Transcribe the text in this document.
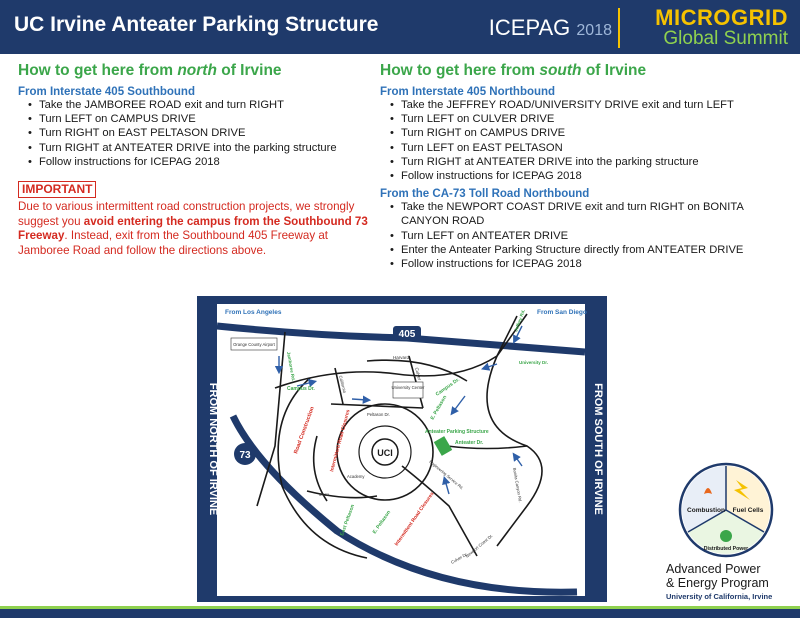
UC Irvine Anteater Parking Structure	ICEPAG 2018
MICROGRID
Global Summit
How to get here from north of Irvine
From Interstate 405 Southbound
• Take the JAMBOREE ROAD exit and turn RIGHT
• Turn LEFT on CAMPUS DRIVE
• Turn RIGHT on EAST PELTASON DRIVE
• Turn RIGHT at ANTEATER DRIVE into the parking structure
• Follow instructions for ICEPAG 2018
IMPORTANT
Due to various intermittent road construction projects, we strongly suggest you avoid entering the campus from the Southbound 73 Freeway. Instead, exit from the Southbound 405 Freeway at Jamboree Road and follow the directions above.
How to get here from south of Irvine
From Interstate 405 Northbound
• Take the JEFFREY ROAD/UNIVERSITY DRIVE exit and turn LEFT
• Turn LEFT on CULVER DRIVE
• Turn RIGHT on CAMPUS DRIVE
• Turn LEFT on EAST PELTASON
• Turn RIGHT at ANTEATER DRIVE into the parking structure
• Follow instructions for ICEPAG 2018
From the CA-73 Toll Road Northbound
• Take the NEWPORT COAST DRIVE exit and turn RIGHT on BONITA CANYON ROAD
• Turn LEFT on ANTEATER DRIVE
• Enter the Anteater Parking Structure directly from ANTEATER DRIVE
• Follow instructions for ICEPAG 2018
FROM NORTH OF IRVINE	FROM SOUTH OF IRVINE
405
73
From Los Angeles	From San Diego
Orange County Airport
UCI
University Center
Anteater Parking Structure
Jamboree Rd.
Campus Dr.	Campus Dr.
Harvard
Culver
Jeffrey Rd.
University Dr.
California
Peltason Dr.	E. Peltason
Anteater Dr.
Road Construction	Intermittent Road Closures
Intermittent Road Closures
E. Peltason
East Peltason
Bonita Canyon Rd.
Newport Coast Dr.
Engineering Service Rd.
Mesa
Academy
Culver Dr.
Combustion Fuel Cells
Distributed Power
Advanced Power
& Energy Program
University of California, Irvine
